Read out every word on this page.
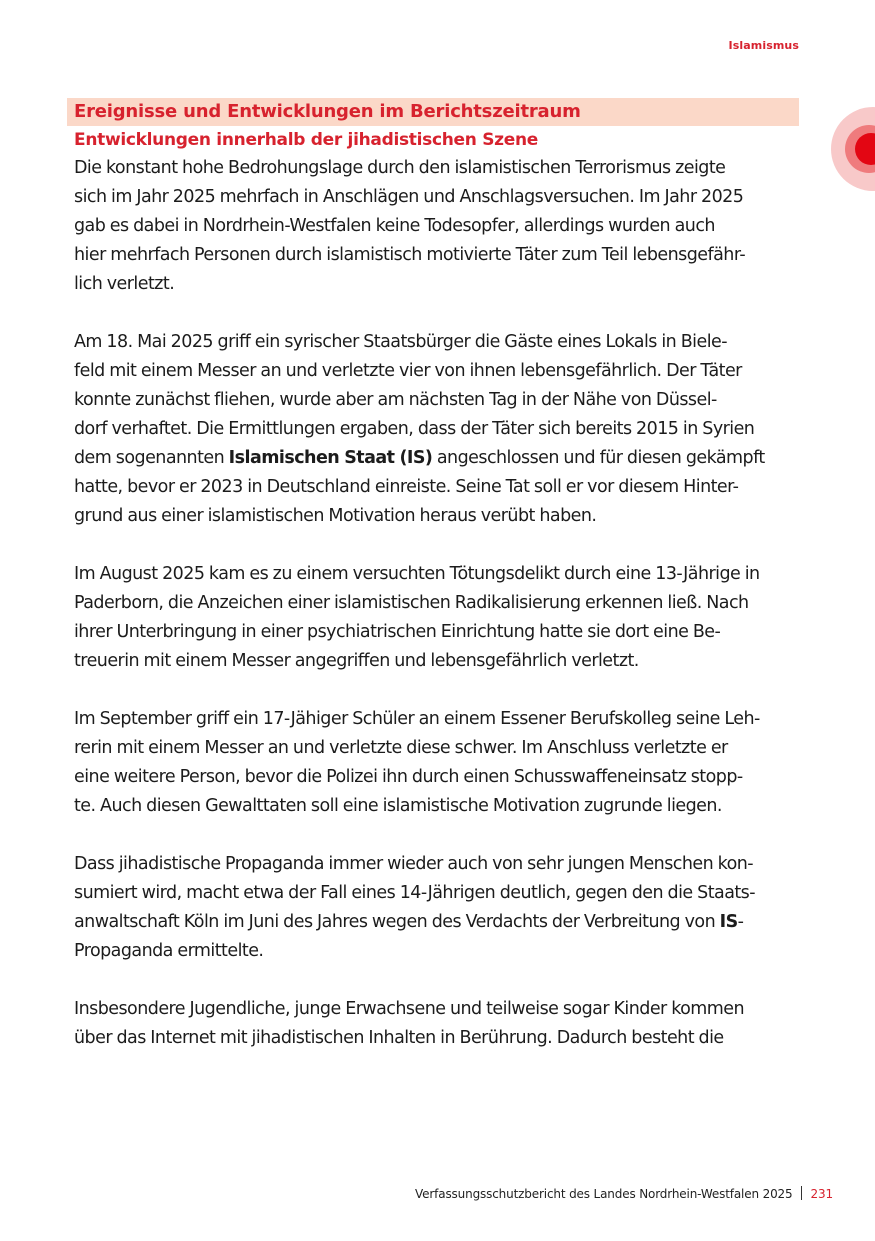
Islamismus
Ereignisse und Entwicklungen im Berichtszeitraum
Entwicklungen innerhalb der jihadistischen Szene

Die konstant hohe Bedrohungslage durch den islamistischen Terrorismus zeigte
sich im Jahr 2025 mehrfach in Anschlägen und Anschlagsversuchen. Im Jahr 2025
gab es dabei in Nordrhein-Westfalen keine Todesopfer, allerdings wurden auch
hier mehrfach Personen durch islamistisch motivierte Täter zum Teil lebensgefähr-
lich verletzt.

Am 18. Mai 2025 griff ein syrischer Staatsbürger die Gäste eines Lokals in Biele-
feld mit einem Messer an und verletzte vier von ihnen lebensgefährlich. Der Täter
konnte zunächst fliehen, wurde aber am nächsten Tag in der Nähe von Düssel-
dorf verhaftet. Die Ermittlungen ergaben, dass der Täter sich bereits 2015 in Syrien
dem sogenannten Islamischen Staat (IS) angeschlossen und für diesen gekämpft
hatte, bevor er 2023 in Deutschland einreiste. Seine Tat soll er vor diesem Hinter-
grund aus einer islamistischen Motivation heraus verübt haben.

Im August 2025 kam es zu einem versuchten Tötungsdelikt durch eine 13-Jährige in
Paderborn, die Anzeichen einer islamistischen Radikalisierung erkennen ließ. Nach
ihrer Unterbringung in einer psychiatrischen Einrichtung hatte sie dort eine Be-
treuerin mit einem Messer angegriffen und lebensgefährlich verletzt.

Im September griff ein 17-Jähiger Schüler an einem Essener Berufskolleg seine Leh-
rerin mit einem Messer an und verletzte diese schwer. Im Anschluss verletzte er
eine weitere Person, bevor die Polizei ihn durch einen Schusswaffeneinsatz stopp-
te. Auch diesen Gewalttaten soll eine islamistische Motivation zugrunde liegen.

Dass jihadistische Propaganda immer wieder auch von sehr jungen Menschen kon-
sumiert wird, macht etwa der Fall eines 14-Jährigen deutlich, gegen den die Staats-
anwaltschaft Köln im Juni des Jahres wegen des Verdachts der Verbreitung von IS-
Propaganda ermittelte.

Insbesondere Jugendliche, junge Erwachsene und teilweise sogar Kinder kommen
über das Internet mit jihadistischen Inhalten in Berührung. Dadurch besteht die

Verfassungsschutzbericht des Landes Nordrhein-Westfalen 2025 231
